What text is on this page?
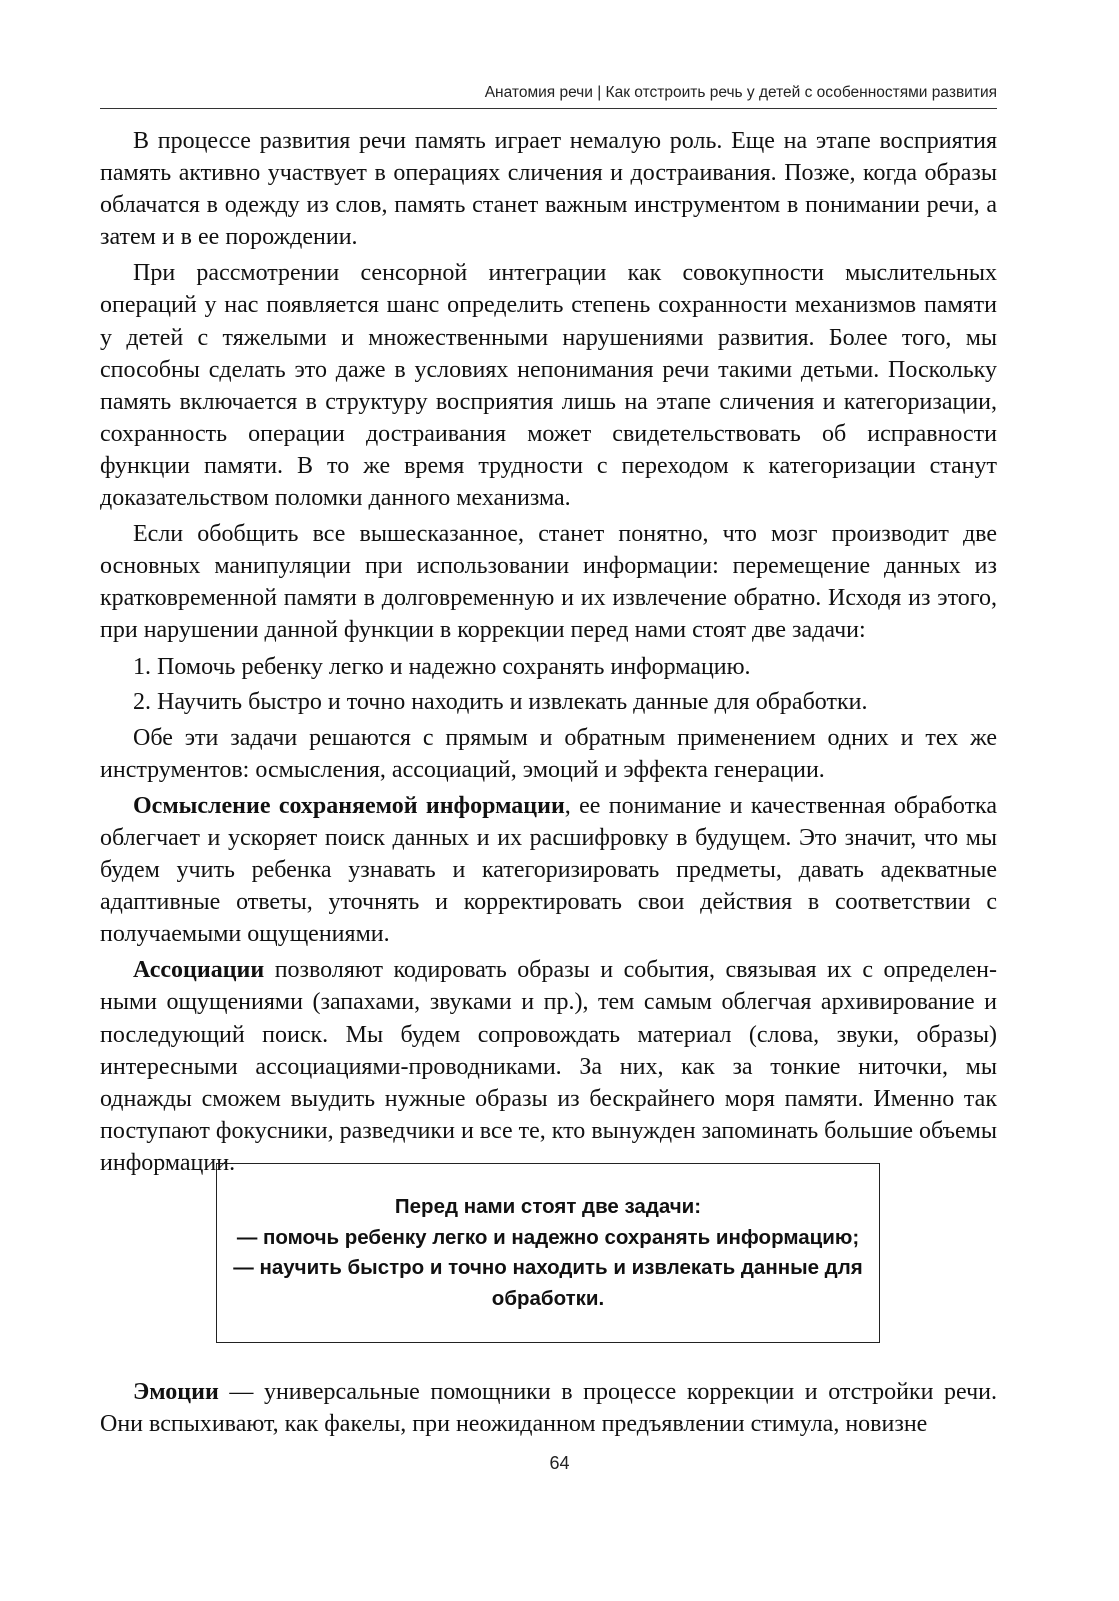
Анатомия речи | Как отстроить речь у детей с особенностями развития

В процессе развития речи память играет немалую роль. Еще на этапе восприятия память активно участвует в операциях сличения и достраивания. Позже, когда образы облачатся в одежду из слов, память станет важным инструментом в понимании речи, а затем и в ее порождении.

При рассмотрении сенсорной интеграции как совокупности мыслительных операций у нас появляется шанс определить степень сохранности механизмов памяти у детей с тяжелыми и множественными нарушениями развития. Более того, мы способны сделать это даже в условиях непонимания речи такими детьми. Поскольку память включается в структуру восприятия лишь на этапе сличения и категоризации, сохранность операции достраивания может свидетельствовать об исправности функции памяти. В то же время трудности с переходом к категоризации станут доказательством поломки данного механизма.

Если обобщить все вышесказанное, станет понятно, что мозг производит две основных манипуляции при использовании информации: перемещение данных из кратковременной памяти в долговременную и их извлечение обратно. Исходя из этого, при нарушении данной функции в коррекции перед нами стоят две задачи:

1. Помочь ребенку легко и надежно сохранять информацию.
2. Научить быстро и точно находить и извлекать данные для обработки.

Обе эти задачи решаются с прямым и обратным применением одних и тех же инструментов: осмысления, ассоциаций, эмоций и эффекта генерации.

Осмысление сохраняемой информации, ее понимание и качественная обработка облегчает и ускоряет поиск данных и их расшифровку в будущем. Это значит, что мы будем учить ребенка узнавать и категоризировать предметы, давать адекватные адаптивные ответы, уточнять и корректировать свои действия в соответствии с получаемыми ощущениями.

Ассоциации позволяют кодировать образы и события, связывая их с определенными ощущениями (запахами, звуками и пр.), тем самым облегчая архивирование и последующий поиск. Мы будем сопровождать материал (слова, звуки, образы) интересными ассоциациями-проводниками. За них, как за тонкие ниточки, мы однажды сможем выудить нужные образы из бескрайнего моря памяти. Именно так поступают фокусники, разведчики и все те, кто вынужден запоминать большие объемы информации.

Перед нами стоят две задачи:
— помочь ребенку легко и надежно сохранять информацию;
— научить быстро и точно находить и извлекать данные для обработки.

Эмоции — универсальные помощники в процессе коррекции и отстройки речи. Они вспыхивают, как факелы, при неожиданном предъявлении стимула, новизне

64
